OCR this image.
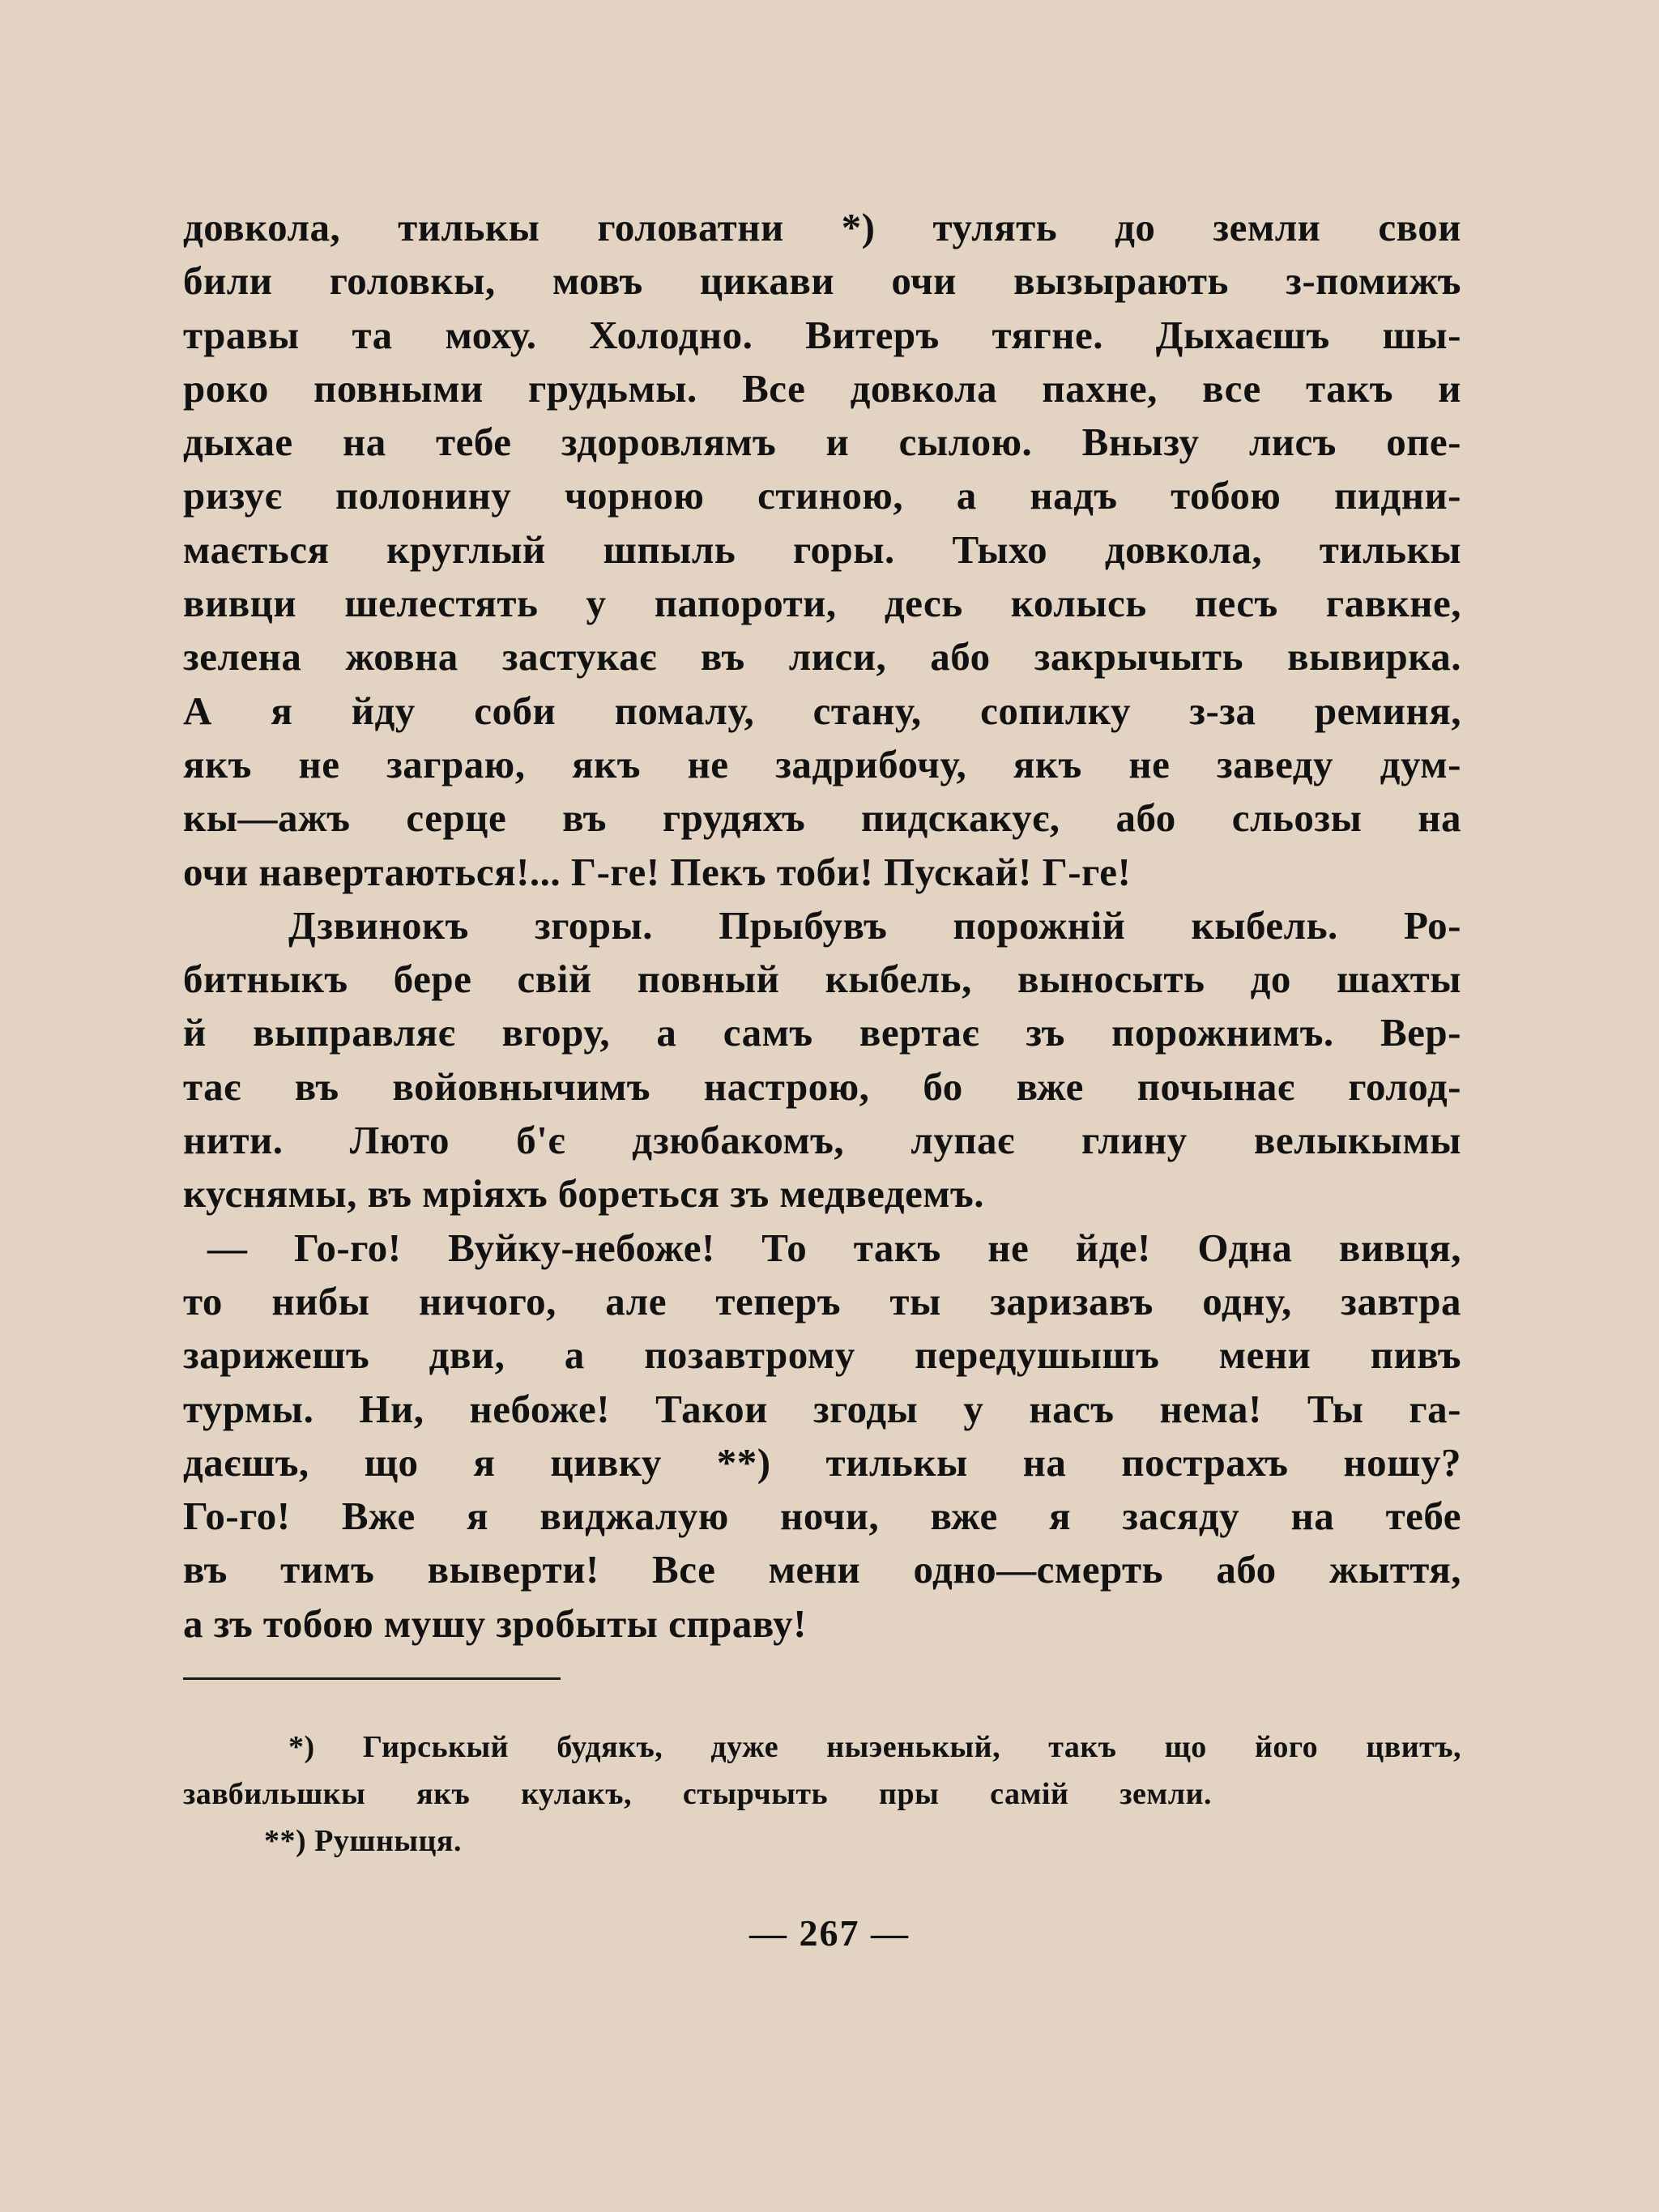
довкола, тилькы головатни *) тулять до земли свои
били головкы, мовъ цикави очи вызырають з-помижъ
травы та моху. Холодно. Витеръ тягне. Дыхаєшъ шы-
роко повными грудьмы. Все довкола пахне, все такъ и
дыхае на тебе здоровлямъ и сылою. Внызу лисъ опе-
ризує полонину чорною стиною, а надъ тобою пидни-
мається круглый шпыль горы. Тыхо довкола, тилькы
вивци шелестять у папороти, десь колысь песъ гавкне,
зелена жовна застукає въ лиси, або закрычыть вывирка.
А я йду соби помалу, стану, сопилку з-за реминя,
якъ не заграю, якъ не задрибочу, якъ не заведу дум-
кы—ажъ серце въ грудяхъ пидскакує, або сльозы на
очи навертаються!... Г-ге! Пекъ тоби! Пускай! Г-ге!
Дзвинокъ згоры. Прыбувъ порожній кыбель. Ро-
битныкъ бере свій повный кыбель, выносыть до шахты
й выправляє вгору, а самъ вертає зъ порожнимъ. Вер-
тає въ войовнычимъ настрою, бо вже почынає голод-
нити. Люто б'є дзюбакомъ, лупає глину велыкымы
куснямы, въ мріяхъ бореться зъ медведемъ.
— Го-го! Вуйку-небоже! То такъ не йде! Одна вивця,
то нибы ничого, але теперъ ты заризавъ одну, завтра
зарижешъ дви, а позавтрому передушышъ мени пивъ
турмы. Ни, небоже! Такои згоды у насъ нема! Ты га-
даєшъ, що я цивку **) тилькы на пострахъ ношу?
Го-го! Вже я виджалую ночи, вже я засяду на тебе
въ тимъ выверти! Все мени одно—смерть або жыття,
а зъ тобою мушу зробыты справу!
*) Гирськый будякъ, дуже ныэенькый, такъ що його цвитъ,
завбильшкы якъ кулакъ, стырчыть пры самій земли.
**) Рушныця.
— 267 —
